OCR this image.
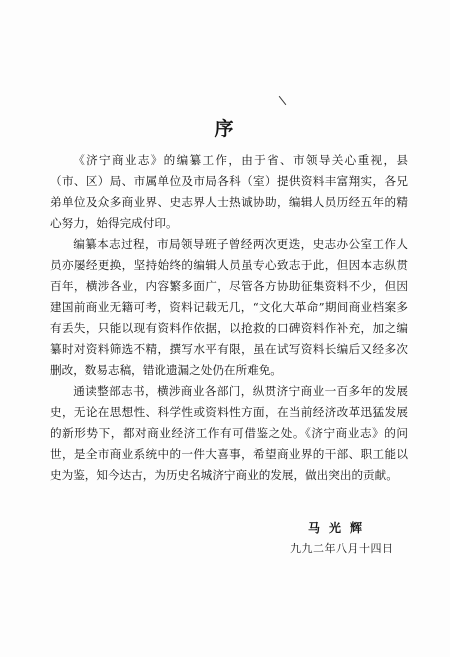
序

《济宁商业志》的编纂工作，由于省、市领导关心重视，县（市、区）局、市属单位及市局各科（室）提供资料丰富翔实，各兄弟单位及众多商业界、史志界人士热诚协助，编辑人员历经五年的精心努力，始得完成付印。

编纂本志过程，市局领导班子曾经两次更迭，史志办公室工作人员亦屡经更换，坚持始终的编辑人员虽专心致志于此，但因本志纵贯百年，横涉各业，内容繁多面广，尽管各方协助征集资料不少，但因建国前商业无籍可考，资料记载无几，“文化大革命”期间商业档案多有丢失，只能以现有资料作依据，以抢救的口碑资料作补充，加之编纂时对资料筛选不精，撰写水平有限，虽在试写资料长编后又经多次删改，数易志稿，错讹遗漏之处仍在所难免。

通读整部志书，横涉商业各部门，纵贯济宁商业一百多年的发展史，无论在思想性、科学性或资料性方面，在当前经济改革迅猛发展的新形势下，都对商业经济工作有可借鉴之处。《济宁商业志》的问世，是全市商业系统中的一件大喜事，希望商业界的干部、职工能以史为鉴，知今达古，为历史名城济宁商业的发展，做出突出的贡献。

马光辉
九九二年八月十四日
